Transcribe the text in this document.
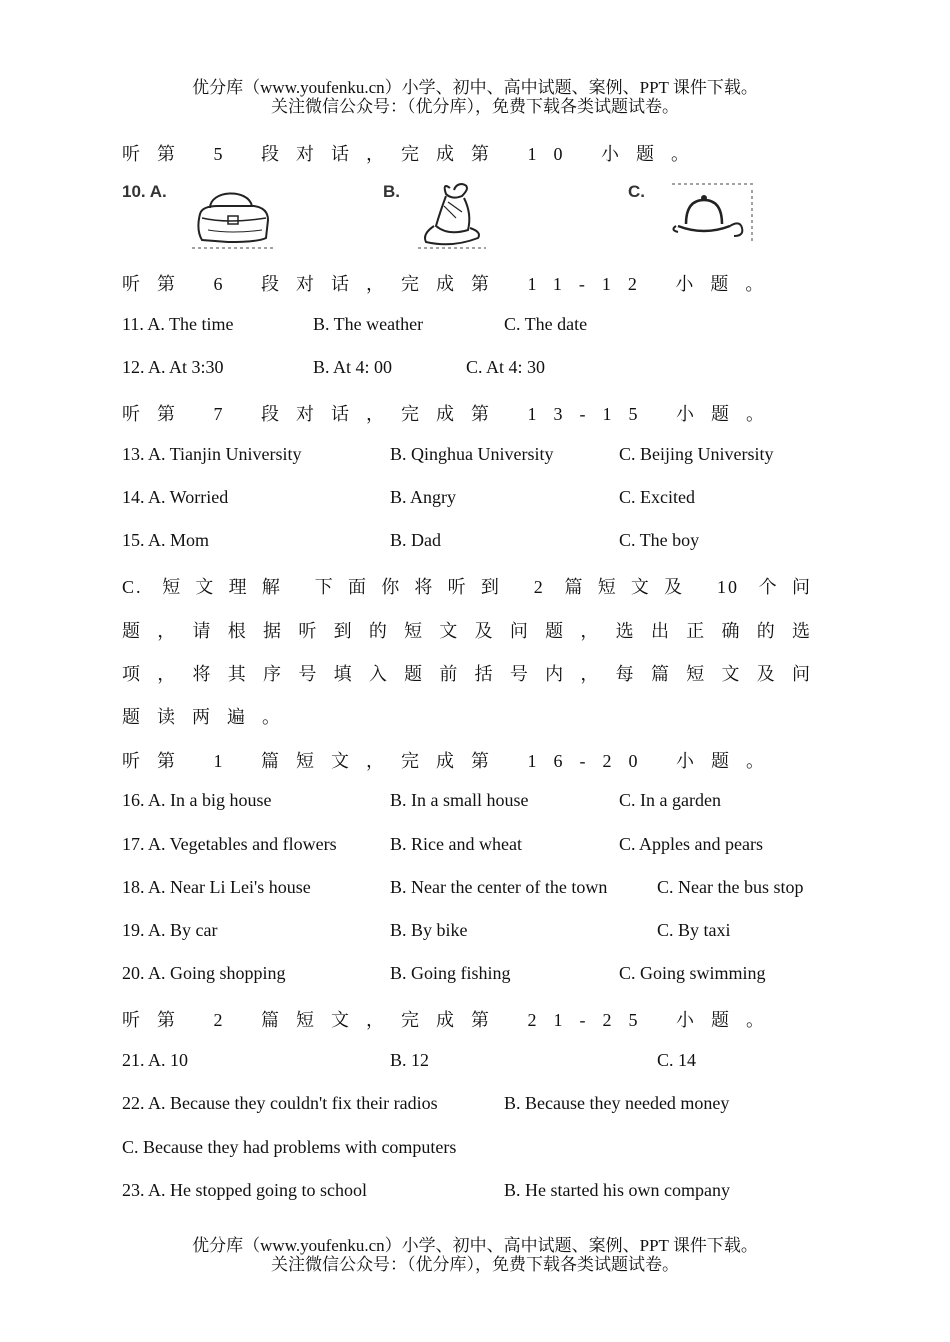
优分库（www.youfenku.cn）小学、初中、高中试题、案例、PPT 课件下载。
关注微信公众号：（优分库），免费下载各类试题试卷。
听第 5 段对话，完成第 10 小题。
10. A.	B.	C.
听第 6 段对话，完成第 11-12 小题。
11. A. The time	B. The weather	C. The date
12. A. At 3:30	B. At 4: 00	C. At 4: 30
听第 7 段对话，完成第 13-15 小题。
13. A. Tianjin University	B. Qinghua University	C. Beijing University
14. A. Worried	B. Angry	C. Excited
15. A. Mom	B. Dad	C. The boy
C. 短文理解 下面你将听到 2 篇短文及 10 个问
题，请根据听到的短文及问题，选出正确的选
项，将其序号填入题前括号内，每篇短文及问
题读两遍。
听第 1 篇短文，完成第 16-20 小题。
16. A. In a big house	B. In a small house	C. In a garden
17. A. Vegetables and flowers	B. Rice and wheat	C. Apples and pears
18. A. Near Li Lei's house	B. Near the center of the town	C. Near the bus stop
19. A. By car	B. By bike	C. By taxi
20. A. Going shopping	B. Going fishing	C. Going swimming
听第 2 篇短文，完成第 21-25 小题。
21. A. 10	B. 12	C. 14
22. A. Because they couldn't fix their radios	B. Because they needed money
C. Because they had problems with computers
23. A. He stopped going to school	B. He started his own company
优分库（www.youfenku.cn）小学、初中、高中试题、案例、PPT 课件下载。
关注微信公众号：（优分库），免费下载各类试题试卷。
